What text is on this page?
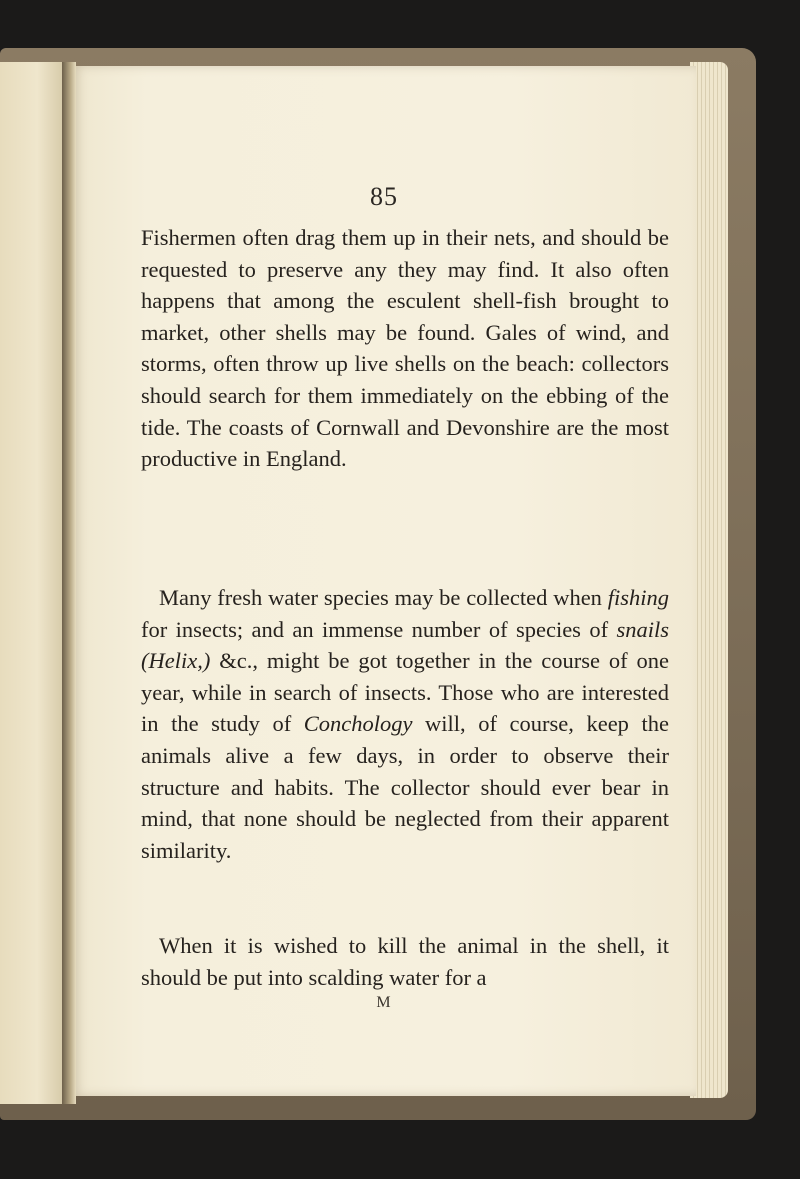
85

Fishermen often drag them up in their nets, and should be requested to preserve any they may find. It also often happens that among the esculent shell-fish brought to market, other shells may be found. Gales of wind, and storms, often throw up live shells on the beach: collectors should search for them immediately on the ebbing of the tide. The coasts of Cornwall and Devonshire are the most productive in England.

Many fresh water species may be collected when fishing for insects; and an immense number of species of snails (Helix,) &c., might be got together in the course of one year, while in search of insects. Those who are interested in the study of Conchology will, of course, keep the animals alive a few days, in order to observe their structure and habits. The collector should ever bear in mind, that none should be neglected from their apparent similarity.

When it is wished to kill the animal in the shell, it should be put into scalding water for a

M
